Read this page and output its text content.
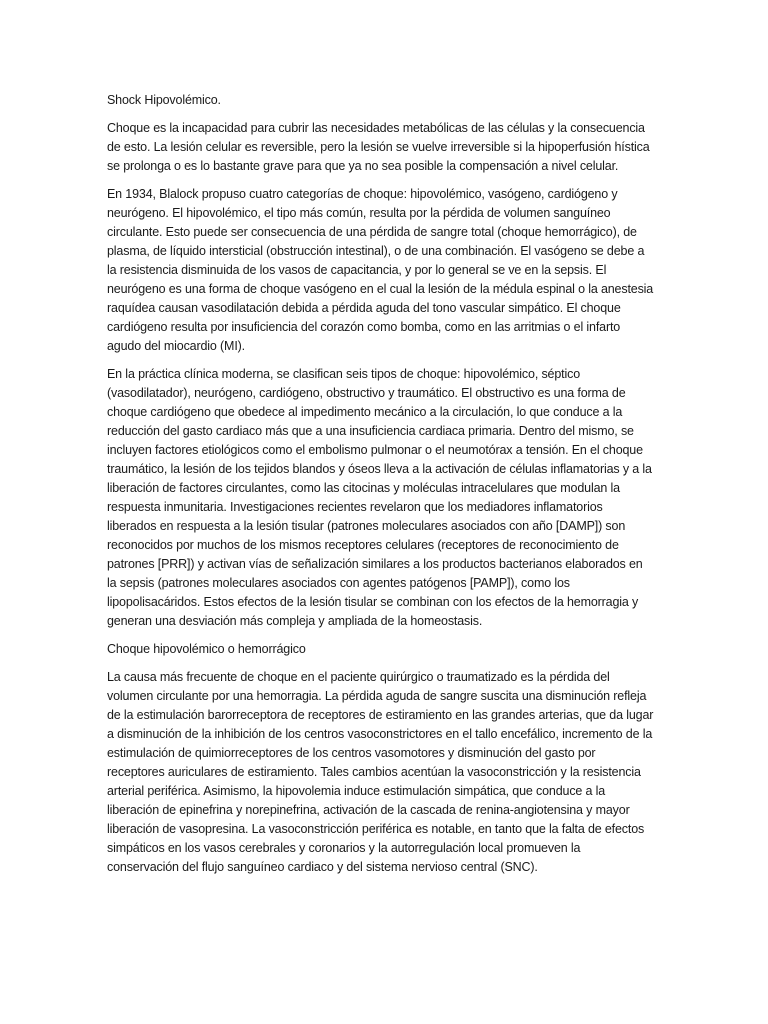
Shock Hipovolémico.

Choque es la incapacidad para cubrir las necesidades metabólicas de las células y la consecuencia de esto. La lesión celular es reversible, pero la lesión se vuelve irreversible si la hipoperfusión hística se prolonga o es lo bastante grave para que ya no sea posible la compensación a nivel celular.

En 1934, Blalock propuso cuatro categorías de choque: hipovolémico, vasógeno, cardiógeno y neurógeno. El hipovolémico, el tipo más común, resulta por la pérdida de volumen sanguíneo circulante. Esto puede ser consecuencia de una pérdida de sangre total (choque hemorrágico), de plasma, de líquido intersticial (obstrucción intestinal), o de una combinación. El vasógeno se debe a la resistencia disminuida de los vasos de capacitancia, y por lo general se ve en la sepsis. El neurógeno es una forma de choque vasógeno en el cual la lesión de la médula espinal o la anestesia raquídea causan vasodilatación debida a pérdida aguda del tono vascular simpático. El choque cardiógeno resulta por insuficiencia del corazón como bomba, como en las arritmias o el infarto agudo del miocardio (MI).

En la práctica clínica moderna, se clasifican seis tipos de choque: hipovolémico, séptico (vasodilatador), neurógeno, cardiógeno, obstructivo y traumático. El obstructivo es una forma de choque cardiógeno que obedece al impedimento mecánico a la circulación, lo que conduce a la reducción del gasto cardiaco más que a una insuficiencia cardiaca primaria. Dentro del mismo, se incluyen factores etiológicos como el embolismo pulmonar o el neumotórax a tensión. En el choque traumático, la lesión de los tejidos blandos y óseos lleva a la activación de células inflamatorias y a la liberación de factores circulantes, como las citocinas y moléculas intracelulares que modulan la respuesta inmunitaria. Investigaciones recientes revelaron que los mediadores inflamatorios liberados en respuesta a la lesión tisular (patrones moleculares asociados con año [DAMP]) son reconocidos por muchos de los mismos receptores celulares (receptores de reconocimiento de patrones [PRR]) y activan vías de señalización similares a los productos bacterianos elaborados en la sepsis (patrones moleculares asociados con agentes patógenos [PAMP]), como los lipopolisacáridos. Estos efectos de la lesión tisular se combinan con los efectos de la hemorragia y generan una desviación más compleja y ampliada de la homeostasis.

Choque hipovolémico o hemorrágico

La causa más frecuente de choque en el paciente quirúrgico o traumatizado es la pérdida del volumen circulante por una hemorragia. La pérdida aguda de sangre suscita una disminución refleja de la estimulación barorreceptora de receptores de estiramiento en las grandes arterias, que da lugar a disminución de la inhibición de los centros vasoconstrictores en el tallo encefálico, incremento de la estimulación de quimiorreceptores de los centros vasomotores y disminución del gasto por receptores auriculares de estiramiento. Tales cambios acentúan la vasoconstricción y la resistencia arterial periférica. Asimismo, la hipovolemia induce estimulación simpática, que conduce a la liberación de epinefrina y norepinefrina, activación de la cascada de renina-angiotensina y mayor liberación de vasopresina. La vasoconstricción periférica es notable, en tanto que la falta de efectos simpáticos en los vasos cerebrales y coronarios y la autorregulación local promueven la conservación del flujo sanguíneo cardiaco y del sistema nervioso central (SNC).
